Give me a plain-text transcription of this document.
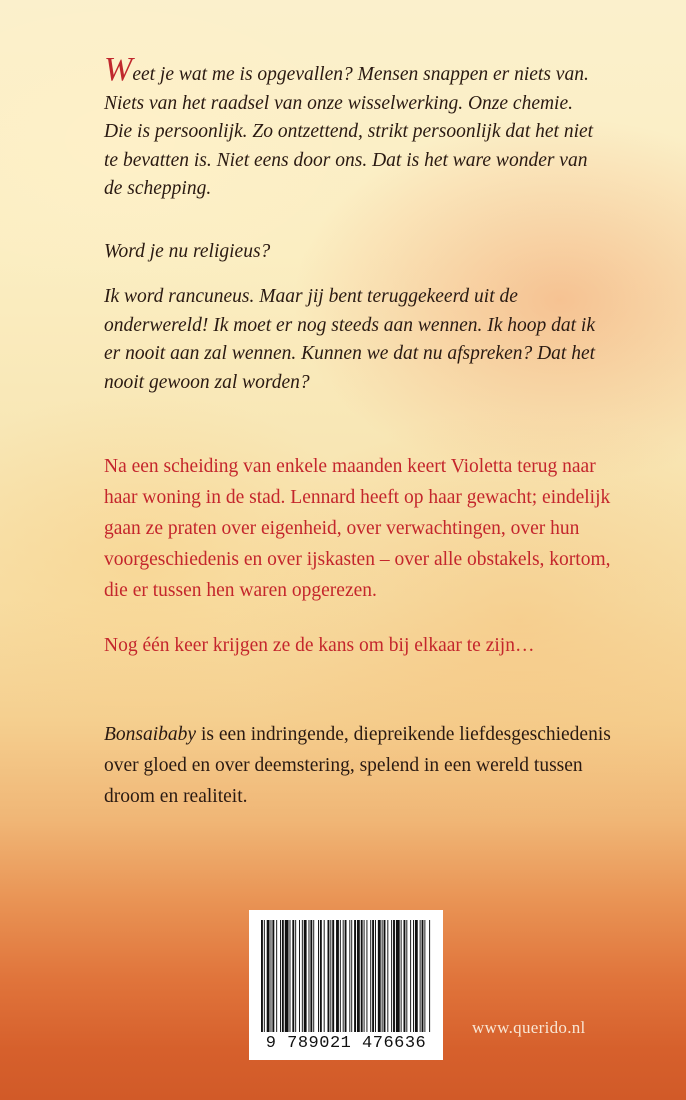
Weet je wat me is opgevallen? Mensen snappen er niets van. Niets van het raadsel van onze wisselwerking. Onze chemie. Die is persoonlijk. Zo ontzettend, strikt persoonlijk dat het niet te bevatten is. Niet eens door ons. Dat is het ware wonder van de schepping.

Word je nu religieus?

Ik word rancuneus. Maar jij bent teruggekeerd uit de onderwereld! Ik moet er nog steeds aan wennen. Ik hoop dat ik er nooit aan zal wennen. Kunnen we dat nu afspreken? Dat het nooit gewoon zal worden?

Na een scheiding van enkele maanden keert Violetta terug naar haar woning in de stad. Lennard heeft op haar gewacht; eindelijk gaan ze praten over eigenheid, over verwachtingen, over hun voorgeschiedenis en over ijskasten – over alle obstakels, kortom, die er tussen hen waren opgerezen.

Nog één keer krijgen ze de kans om bij elkaar te zijn…

Bonsaibaby is een indringende, diepreikende liefdesgeschiedenis over gloed en over deemstering, spelend in een wereld tussen droom en realiteit.

9 789021 476636
www.querido.nl
